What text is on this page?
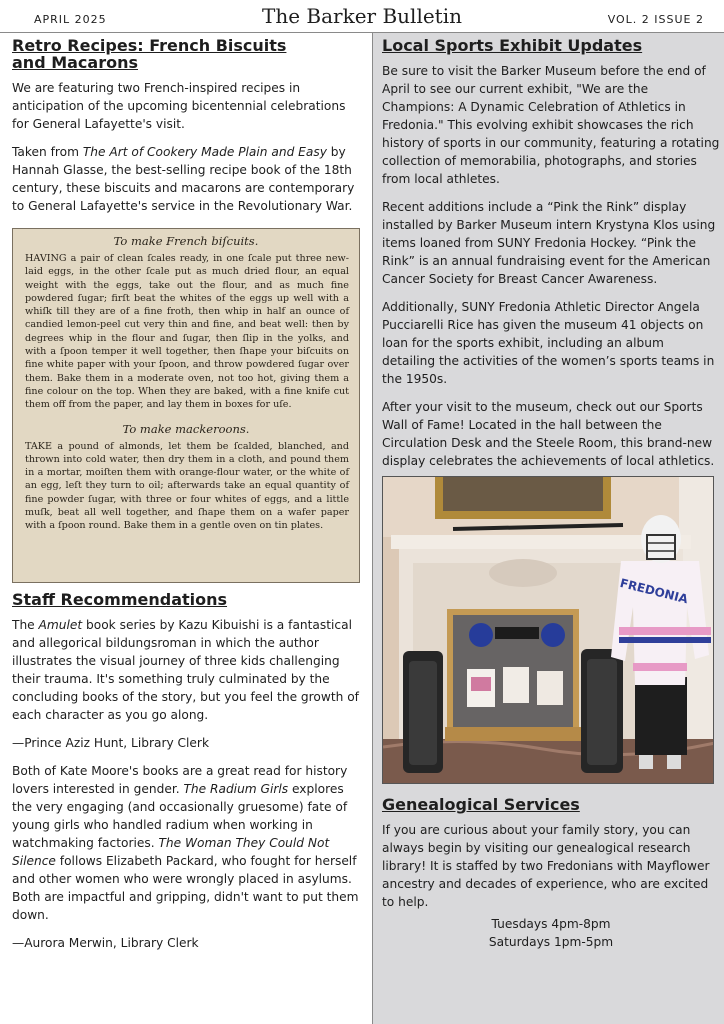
APRIL 2025	The Barker Bulletin	VOL. 2 ISSUE 2
Retro Recipes: French Biscuits
and Macarons

We are featuring two French-inspired recipes in anticipation of the upcoming bicentennial celebrations for General Lafayette's visit.

Taken from The Art of Cookery Made Plain and Easy by Hannah Glasse, the best-selling recipe book of the 18th century, these biscuits and macarons are contemporary to General Lafayette's service in the Revolutionary War.

To make French biſcuits.
HAVING a pair of clean ſcales ready, in one ſcale put three new-laid eggs, in the other ſcale put as much dried flour, an equal weight with the eggs, take out the flour, and as much fine powdered ſugar; firſt beat the whites of the eggs up well with a whiſk till they are of a fine froth, then whip in half an ounce of candied lemon-peel cut very thin and fine, and beat well: then by degrees whip in the flour and ſugar, then ſlip in the yolks, and with a ſpoon temper it well together, then ſhape your biſcuits on fine white paper with your ſpoon, and throw powdered ſugar over them. Bake them in a moderate oven, not too hot, giving them a fine colour on the top. When they are baked, with a fine knife cut them off from the paper, and lay them in boxes for uſe.
To make mackeroons.
TAKE a pound of almonds, let them be ſcalded, blanched, and thrown into cold water, then dry them in a cloth, and pound them in a mortar, moiſten them with orange-flour water, or the white of an egg, leſt they turn to oil; afterwards take an equal quantity of fine powder ſugar, with three or four whites of eggs, and a little muſk, beat all well together, and ſhape them on a wafer paper with a ſpoon round. Bake them in a gentle oven on tin plates.
Staff Recommendations

The Amulet book series by Kazu Kibuishi is a fantastical and allegorical bildungsroman in which the author illustrates the visual journey of three kids challenging their trauma. It's something truly culminated by the concluding books of the story, but you feel the growth of each character as you go along.

—Prince Aziz Hunt, Library Clerk

Both of Kate Moore's books are a great read for history lovers interested in gender. The Radium Girls explores the very engaging (and occasionally gruesome) fate of young girls who handled radium when working in watchmaking factories. The Woman They Could Not Silence follows Elizabeth Packard, who fought for herself and other women who were wrongly placed in asylums. Both are impactful and gripping, didn't want to put them down.

—Aurora Merwin, Library Clerk

Local Sports Exhibit Updates

Be sure to visit the Barker Museum before the end of April to see our current exhibit, "We are the Champions: A Dynamic Celebration of Athletics in Fredonia." This evolving exhibit showcases the rich history of sports in our community, featuring a rotating collection of memorabilia, photographs, and stories from local athletes.

Recent additions include a “Pink the Rink” display installed by Barker Museum intern Krystyna Klos using items loaned from SUNY Fredonia Hockey. “Pink the Rink” is an annual fundraising event for the American Cancer Society for Breast Cancer Awareness.

Additionally, SUNY Fredonia Athletic Director Angela Pucciarelli Rice has given the museum 41 objects on loan for the sports exhibit, including an album detailing the activities of the women’s sports teams in the 1950s.

After your visit to the museum, check out our Sports Wall of Fame! Located in the hall between the Circulation Desk and the Steele Room, this brand-new display celebrates the achievements of local athletics.

FREDONIA
Genealogical Services

If you are curious about your family story, you can always begin by visiting our genealogical research library! It is staffed by two Fredonians with Mayflower ancestry and decades of experience, who are excited to help.

Tuesdays 4pm-8pm

Saturdays 1pm-5pm
